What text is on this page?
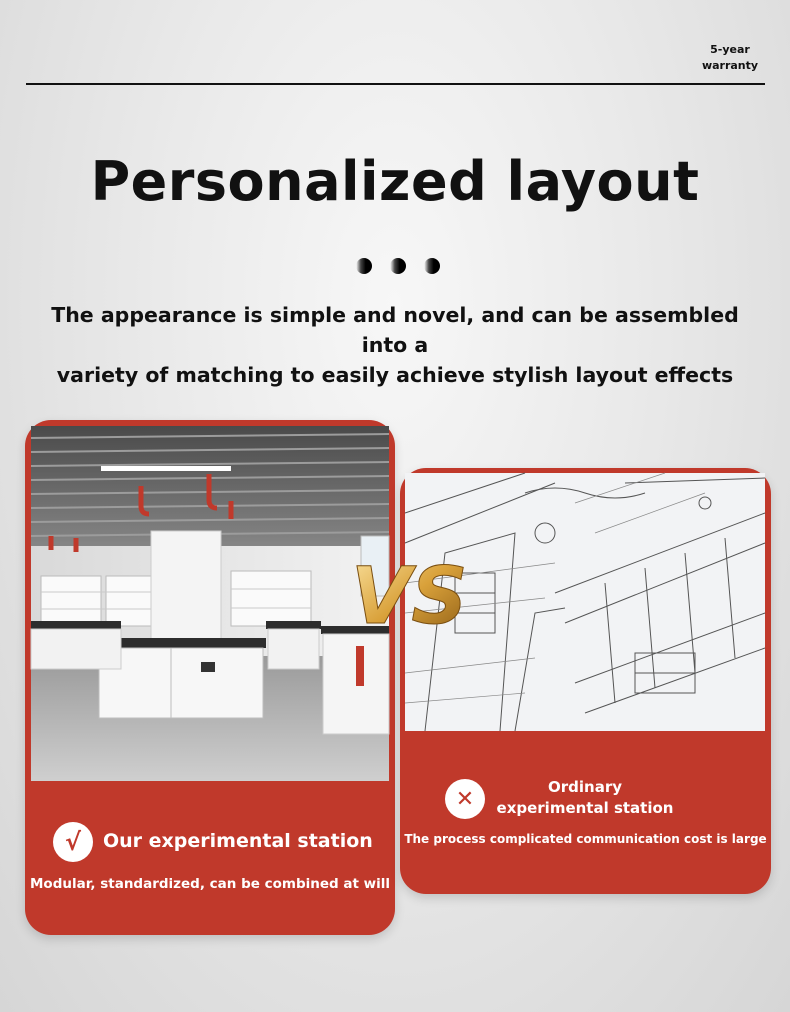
5-year
warranty
Personalized layout
The appearance is simple and novel, and can be assembled into a
variety of matching to easily achieve stylish layout effects
√	Our experimental station
Modular, standardized, can be combined at will
✕	Ordinary
experimental station
The process complicated communication cost is large
VS
